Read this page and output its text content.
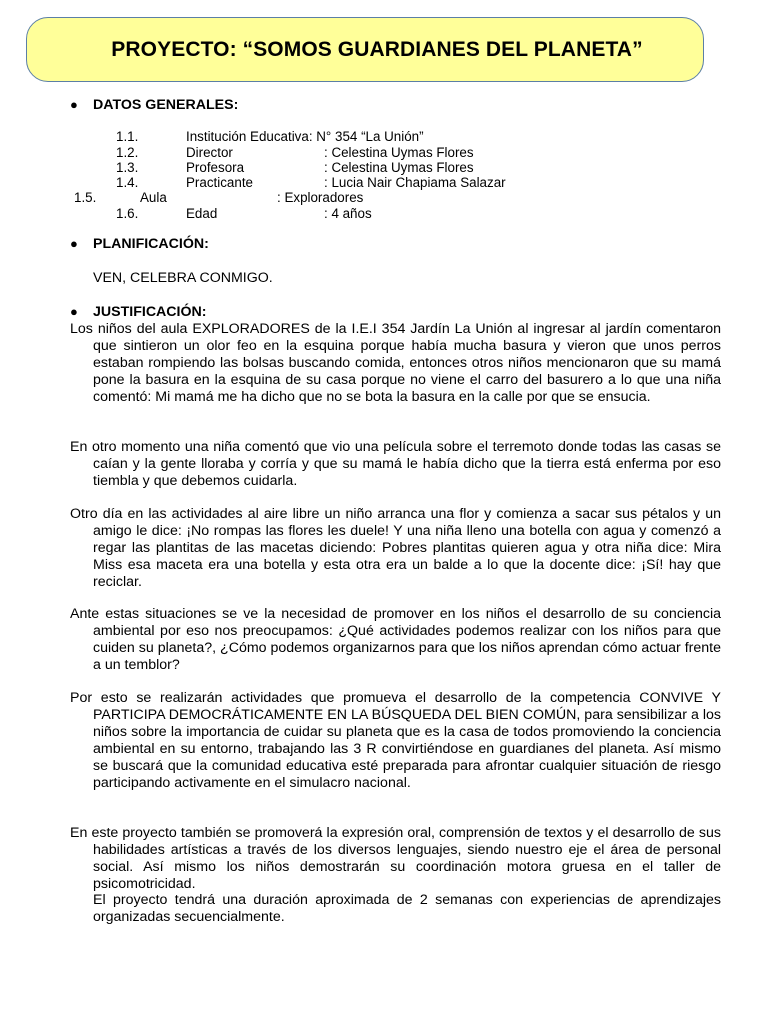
PROYECTO: “SOMOS GUARDIANES DEL PLANETA”
● DATOS GENERALES:
1.1.	Institución Educativa: N° 354 “La Unión”
1.2.	Director	: Celestina Uymas Flores
1.3.	Profesora	: Celestina Uymas Flores
1.4.	Practicante	: Lucia Nair Chapiama Salazar
1.5.	Aula	: Exploradores
1.6.	Edad	: 4 años
● PLANIFICACIÓN:
VEN, CELEBRA CONMIGO.
● JUSTIFICACIÓN:
Los niños del aula EXPLORADORES de la I.E.I 354 Jardín La Unión al ingresar al jardín comentaron que sintieron un olor feo en la esquina porque había mucha basura y vieron que unos perros estaban rompiendo las bolsas buscando comida, entonces otros niños mencionaron que su mamá pone la basura en la esquina de su casa porque no viene el carro del basurero a lo que una niña comentó: Mi mamá me ha dicho que no se bota la basura en la calle por que se ensucia.
En otro momento una niña comentó que vio una película sobre el terremoto donde todas las casas se caían y la gente lloraba y corría y que su mamá le había dicho que la tierra está enferma por eso tiembla y que debemos cuidarla.
Otro día en las actividades al aire libre un niño arranca una flor y comienza a sacar sus pétalos y un amigo le dice: ¡No rompas las flores les duele! Y una niña lleno una botella con agua y comenzó a regar las plantitas de las macetas diciendo: Pobres plantitas quieren agua y otra niña dice: Mira Miss esa maceta era una botella y esta otra era un balde a lo que la docente dice: ¡Sí! hay que reciclar.
Ante estas situaciones se ve la necesidad de promover en los niños el desarrollo de su conciencia ambiental por eso nos preocupamos: ¿Qué actividades podemos realizar con los niños para que cuiden su planeta?, ¿Cómo podemos organizarnos para que los niños aprendan cómo actuar frente a un temblor?
Por esto se realizarán actividades que promueva el desarrollo de la competencia CONVIVE Y PARTICIPA DEMOCRÁTICAMENTE EN LA BÚSQUEDA DEL BIEN COMÚN, para sensibilizar a los niños sobre la importancia de cuidar su planeta que es la casa de todos promoviendo la conciencia ambiental en su entorno, trabajando las 3 R convirtiéndose en guardianes del planeta. Así mismo se buscará que la comunidad educativa esté preparada para afrontar cualquier situación de riesgo participando activamente en el simulacro nacional.
En este proyecto también se promoverá la expresión oral, comprensión de textos y el desarrollo de sus habilidades artísticas a través de los diversos lenguajes, siendo nuestro eje el área de personal social. Así mismo los niños demostrarán su coordinación motora gruesa en el taller de psicomotricidad.
El proyecto tendrá una duración aproximada de 2 semanas con experiencias de aprendizajes organizadas secuencialmente.
